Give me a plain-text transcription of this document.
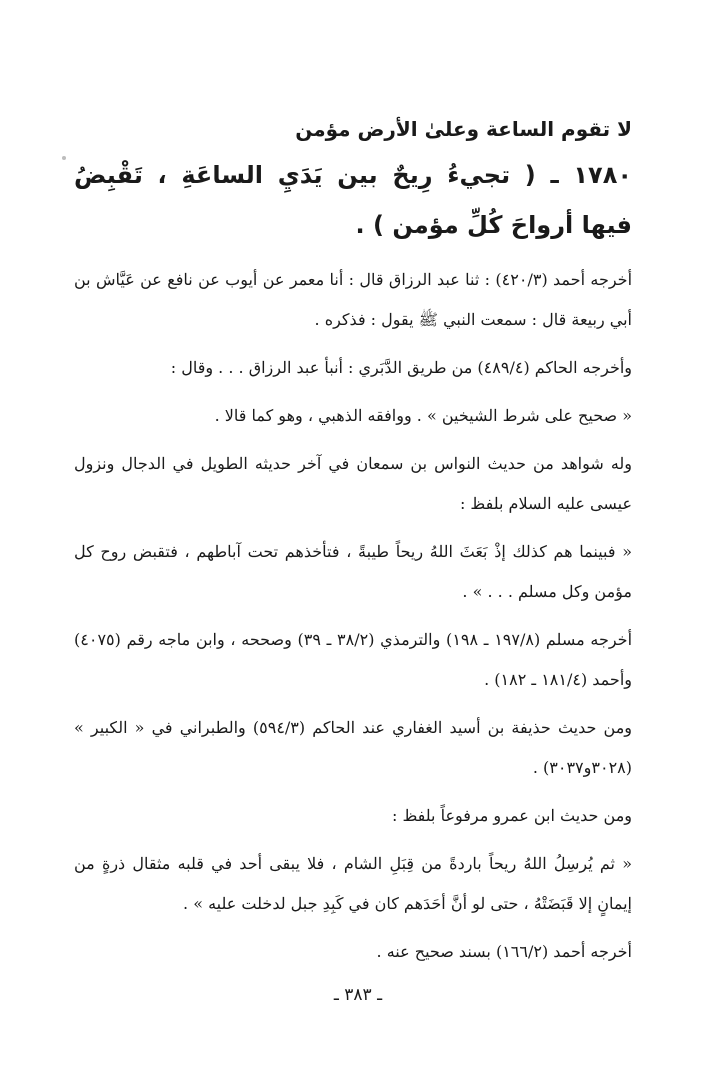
لا تقوم الساعة وعلىٰ الأرض مؤمن

١٧٨٠ ـ ( تجيءُ رِيحٌ بين يَدَيِ الساعَةِ ، تَقْبِضُ فيها أرواحَ كُلِّ مؤمن ) .

أخرجه أحمد (٤٢٠/٣) : ثنا عبد الرزاق قال : أنا معمر عن أيوب عن نافع عن عَيَّاش بن أبي ربيعة قال : سمعت النبي ﷺ يقول : فذكره .

وأخرجه الحاكم (٤٨٩/٤) من طريق الدَّبَري : أنبأ عبد الرزاق . . . وقال :

« صحيح على شرط الشيخين » . ووافقه الذهبي ، وهو كما قالا .

وله شواهد من حديث النواس بن سمعان في آخر حديثه الطويل في الدجال ونزول عيسى عليه السلام بلفظ :

« فبينما هم كذلك إذْ بَعَثَ اللهُ ريحاً طيبةً ، فتأخذهم تحت آباطهم ، فتقبض روح كل مؤمن وكل مسلم . . . » .

أخرجه مسلم (١٩٧/٨ ـ ١٩٨) والترمذي (٣٨/٢ ـ ٣٩) وصححه ، وابن ماجه رقم (٤٠٧٥) وأحمد (١٨١/٤ ـ ١٨٢) .

ومن حديث حذيفة بن أسيد الغفاري عند الحاكم (٥٩٤/٣) والطبراني في « الكبير » (٣٠٢٨و٣٠٣٧) .

ومن حديث ابن عمرو مرفوعاً بلفظ :

« ثم يُرسِلُ اللهُ ريحاً باردةً من قِبَلِ الشام ، فلا يبقى أحد في قلبه مثقال ذرةٍ من إيمانٍ إلا قَبَضَتْهُ ، حتى لو أنَّ أحَدَهم كان في كَبِدِ جبل لدخلت عليه » .

أخرجه أحمد (١٦٦/٢) بسند صحيح عنه .

ـ ٣٨٣ ـ
